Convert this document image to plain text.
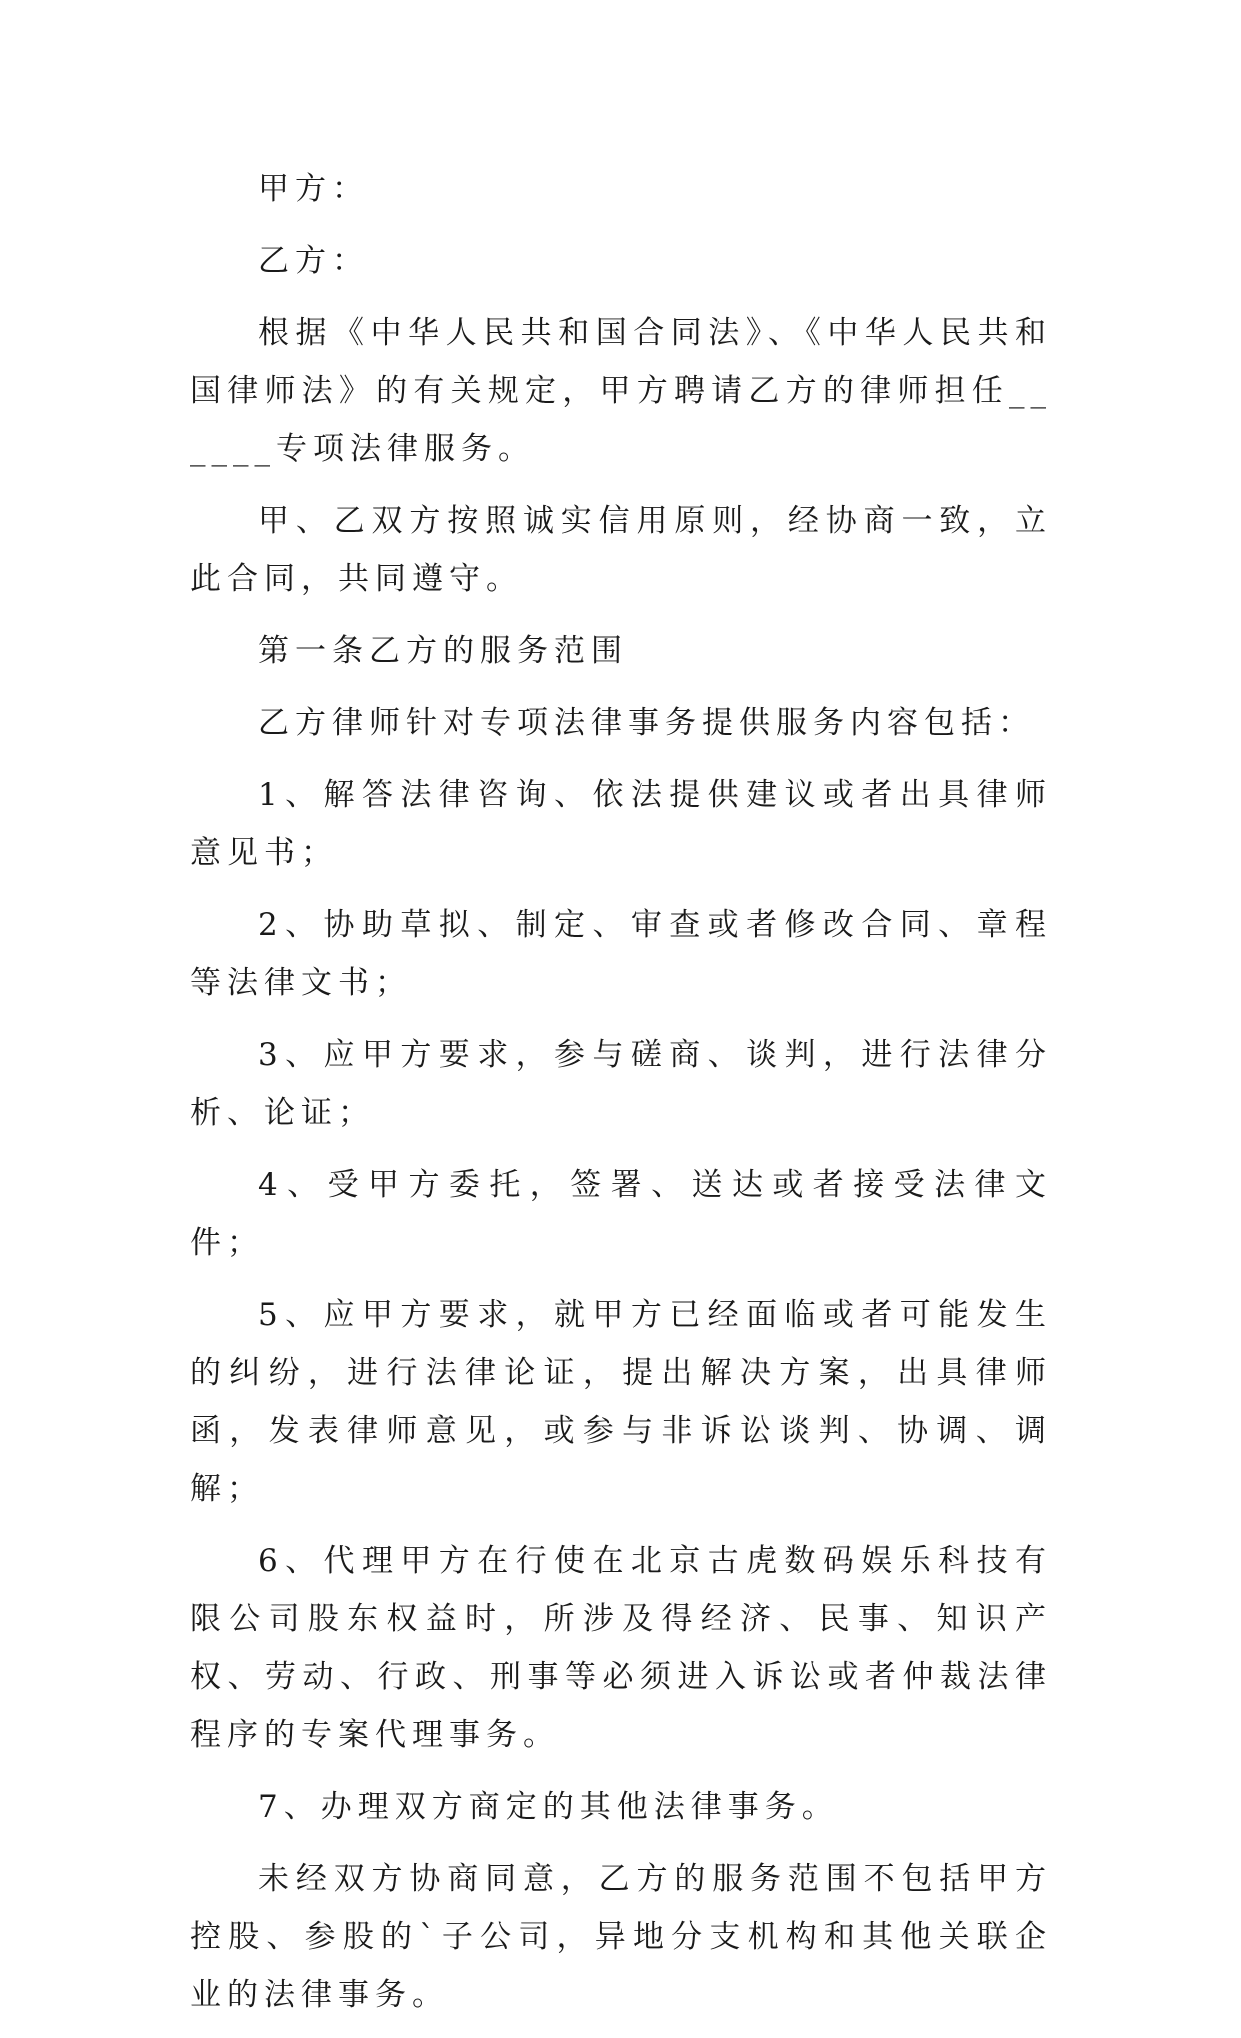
甲方：

乙方：

根据《中华人民共和国合同法》、《中华人民共和国律师法》的有关规定，甲方聘请乙方的律师担任______专项法律服务。

甲、乙双方按照诚实信用原则，经协商一致，立此合同，共同遵守。

第一条乙方的服务范围

乙方律师针对专项法律事务提供服务内容包括：

1、解答法律咨询、依法提供建议或者出具律师意见书；

2、协助草拟、制定、审查或者修改合同、章程等法律文书；

3、应甲方要求，参与磋商、谈判，进行法律分析、论证；

4、受甲方委托，签署、送达或者接受法律文件；

5、应甲方要求，就甲方已经面临或者可能发生的纠纷，进行法律论证，提出解决方案，出具律师函，发表律师意见，或参与非诉讼谈判、协调、调解；

6、代理甲方在行使在北京古虎数码娱乐科技有限公司股东权益时，所涉及得经济、民事、知识产权、劳动、行政、刑事等必须进入诉讼或者仲裁法律程序的专案代理事务。

7、办理双方商定的其他法律事务。

未经双方协商同意，乙方的服务范围不包括甲方控股、参股的`子公司，异地分支机构和其他关联企业的法律事务。
